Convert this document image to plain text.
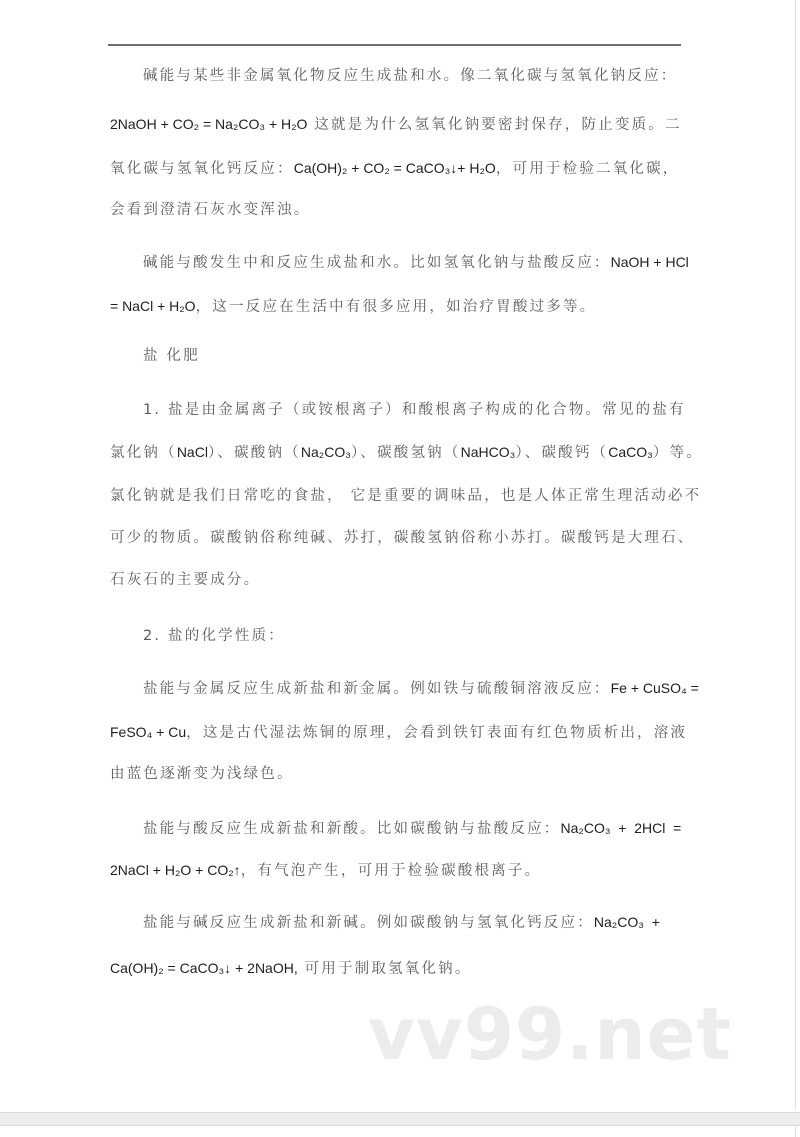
碱能与某些非金属氧化物反应生成盐和水。像二氧化碳与氢氧化钠反应：
2NaOH + CO₂ = Na₂CO₃ + H₂O 这就是为什么氢氧化钠要密封保存，防止变质。二
氧化碳与氢氧化钙反应：Ca(OH)₂ + CO₂ = CaCO₃↓+ H₂O，可用于检验二氧化碳，
会看到澄清石灰水变浑浊。
碱能与酸发生中和反应生成盐和水。比如氢氧化钠与盐酸反应：NaOH + HCl
= NaCl + H₂O，这一反应在生活中有很多应用，如治疗胃酸过多等。
盐 化肥
1. 盐是由金属离子（或铵根离子）和酸根离子构成的化合物。常见的盐有
氯化钠（NaCl）、碳酸钠（Na₂CO₃）、碳酸氢钠（NaHCO₃）、碳酸钙（CaCO₃）等。
氯化钠就是我们日常吃的食盐， 它是重要的调味品，也是人体正常生理活动必不
可少的物质。碳酸钠俗称纯碱、苏打，碳酸氢钠俗称小苏打。碳酸钙是大理石、
石灰石的主要成分。
2. 盐的化学性质：
盐能与金属反应生成新盐和新金属。例如铁与硫酸铜溶液反应：Fe + CuSO₄ =
FeSO₄ + Cu，这是古代湿法炼铜的原理，会看到铁钉表面有红色物质析出，溶液
由蓝色逐渐变为浅绿色。
盐能与酸反应生成新盐和新酸。比如碳酸钠与盐酸反应：Na₂CO₃  +  2HCl  =
2NaCl + H₂O + CO₂↑，有气泡产生，可用于检验碳酸根离子。
盐能与碱反应生成新盐和新碱。例如碳酸钠与氢氧化钙反应：Na₂CO₃  +
Ca(OH)₂ = CaCO₃↓ + 2NaOH, 可用于制取氢氧化钠。
vv99.net
